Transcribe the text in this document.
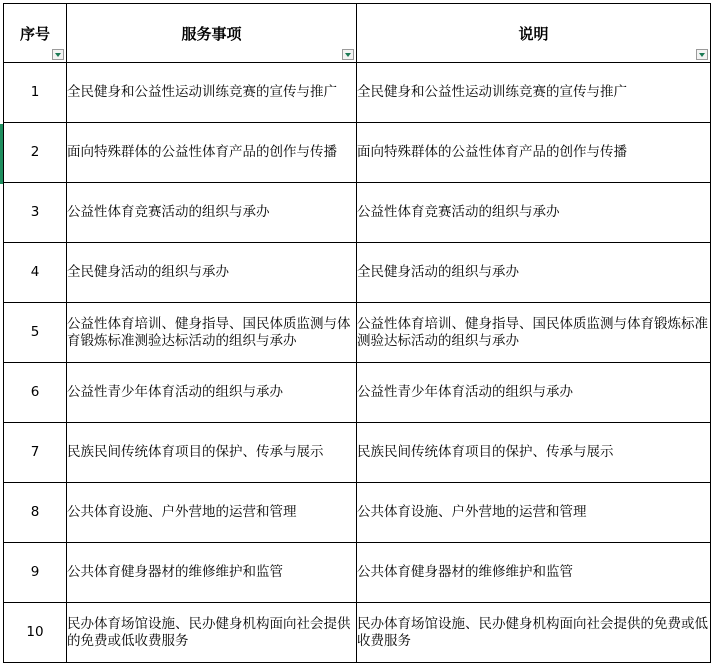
序号	服务事项	说明

1	全民健身和公益性运动训练竞赛的宣传与推广	全民健身和公益性运动训练竞赛的宣传与推广
2	面向特殊群体的公益性体育产品的创作与传播	面向特殊群体的公益性体育产品的创作与传播
3	公益性体育竞赛活动的组织与承办	公益性体育竞赛活动的组织与承办
4	全民健身活动的组织与承办	全民健身活动的组织与承办
5	公益性体育培训、健身指导、国民体质监测与体育锻炼标准测验达标活动的组织与承办	公益性体育培训、健身指导、国民体质监测与体育锻炼标准测验达标活动的组织与承办
6	公益性青少年体育活动的组织与承办	公益性青少年体育活动的组织与承办
7	民族民间传统体育项目的保护、传承与展示	民族民间传统体育项目的保护、传承与展示
8	公共体育设施、户外营地的运营和管理	公共体育设施、户外营地的运营和管理
9	公共体育健身器材的维修维护和监管	公共体育健身器材的维修维护和监管
10	民办体育场馆设施、民办健身机构面向社会提供的免费或低收费服务	民办体育场馆设施、民办健身机构面向社会提供的免费或低收费服务
